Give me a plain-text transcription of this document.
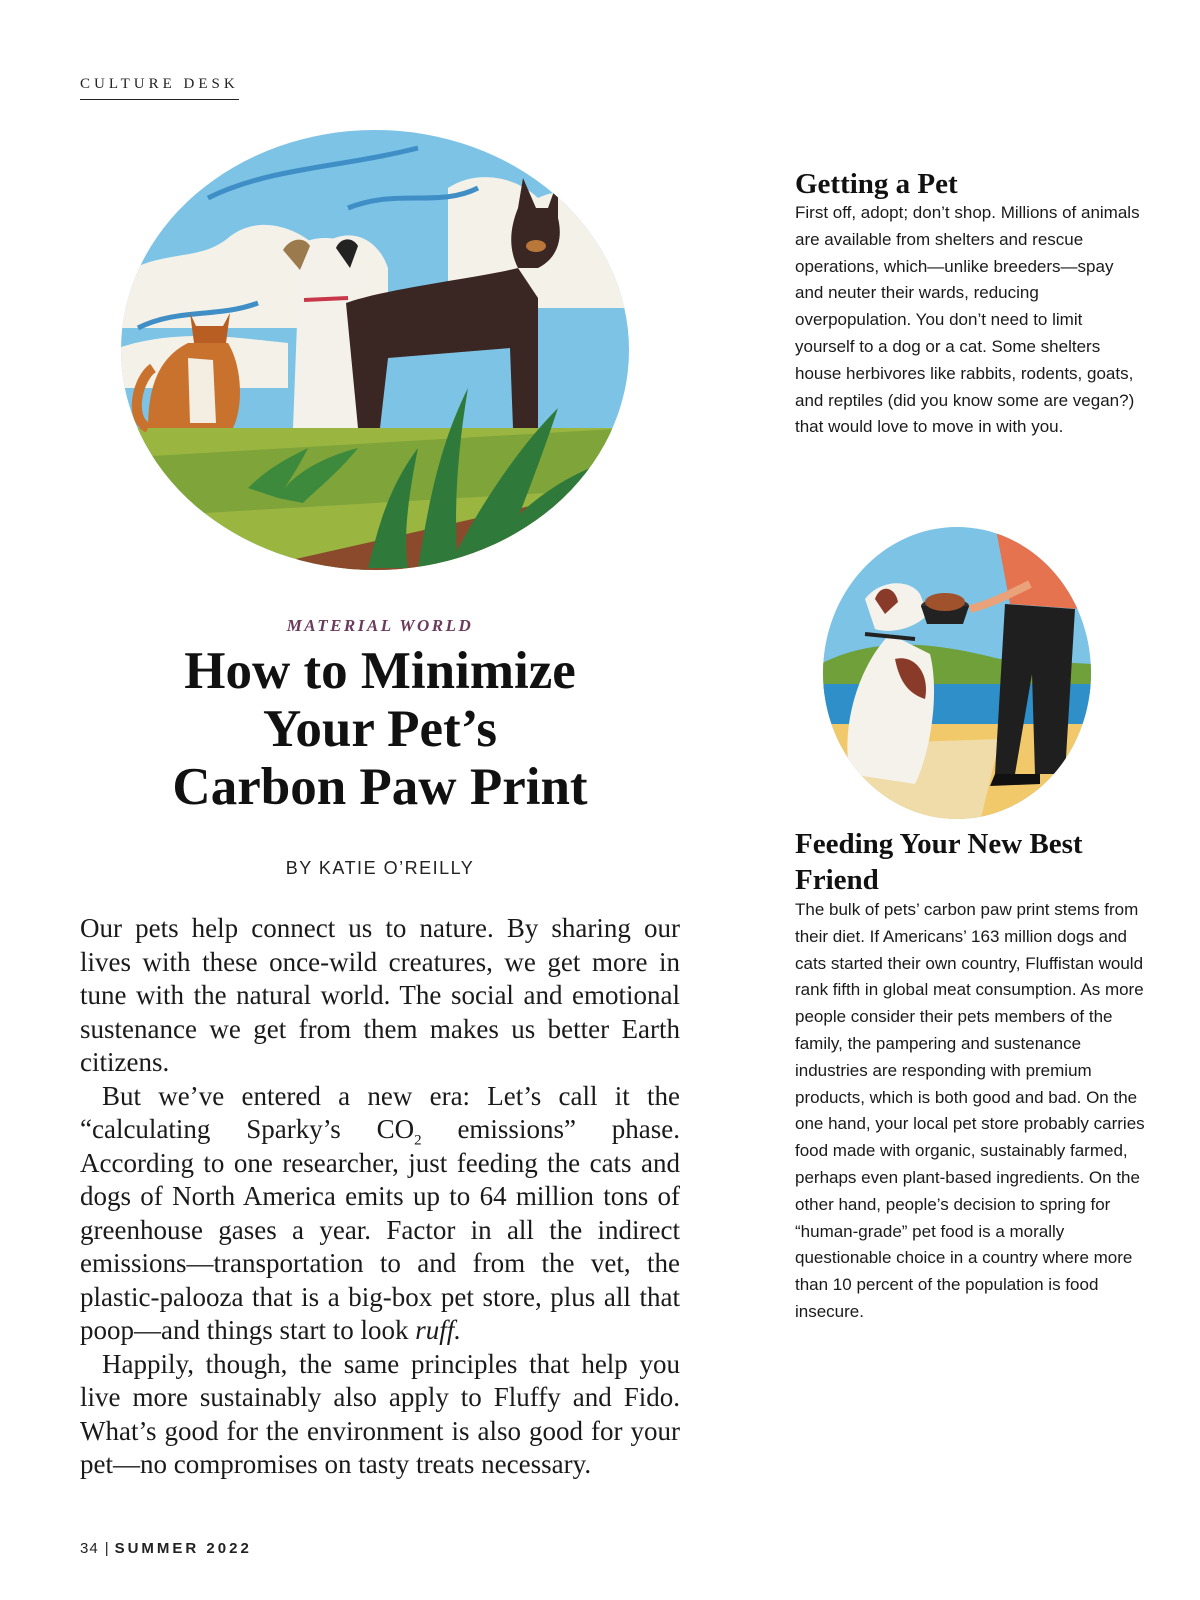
CULTURE DESK
MATERIAL WORLD
How to Minimize
Your Pet’s
Carbon Paw Print
BY KATIE O’REILLY

Our pets help connect us to nature. By sharing our lives with these once-wild creatures, we get more in tune with the natural world. The social and emotional sustenance we get from them makes us better Earth citizens.

But we’ve entered a new era: Let’s call it the “calculating Sparky’s $CO_2$ emissions” phase. According to one researcher, just feeding the cats and dogs of North America emits up to 64 million tons of greenhouse gases a year. Factor in all the indirect emissions—transportation to and from the vet, the plastic-palooza that is a big-box pet store, plus all that poop—and things start to look ruff.

Happily, though, the same principles that help you live more sustainably also apply to Fluffy and Fido. What’s good for the environment is also good for your pet—no compromises on tasty treats necessary.

Getting a Pet

First off, adopt; don’t shop. Millions of animals are available from shelters and rescue operations, which—unlike breeders—spay and neuter their wards, reducing overpopulation. You don’t need to limit yourself to a dog or a cat. Some shelters house herbivores like rabbits, rodents, goats, and reptiles (did you know some are vegan?) that would love to move in with you.

Feeding Your New Best Friend

The bulk of pets’ carbon paw print stems from their diet. If Americans’ 163 million dogs and cats started their own country, Fluffistan would rank fifth in global meat consumption. As more people consider their pets members of the family, the pampering and sustenance industries are responding with premium products, which is both good and bad. On the one hand, your local pet store probably carries food made with organic, sustainably farmed, perhaps even plant-based ingredients. On the other hand, people’s decision to spring for “human-grade” pet food is a morally questionable choice in a country where more than 10 percent of the population is food insecure.

34 | SUMMER 2022
